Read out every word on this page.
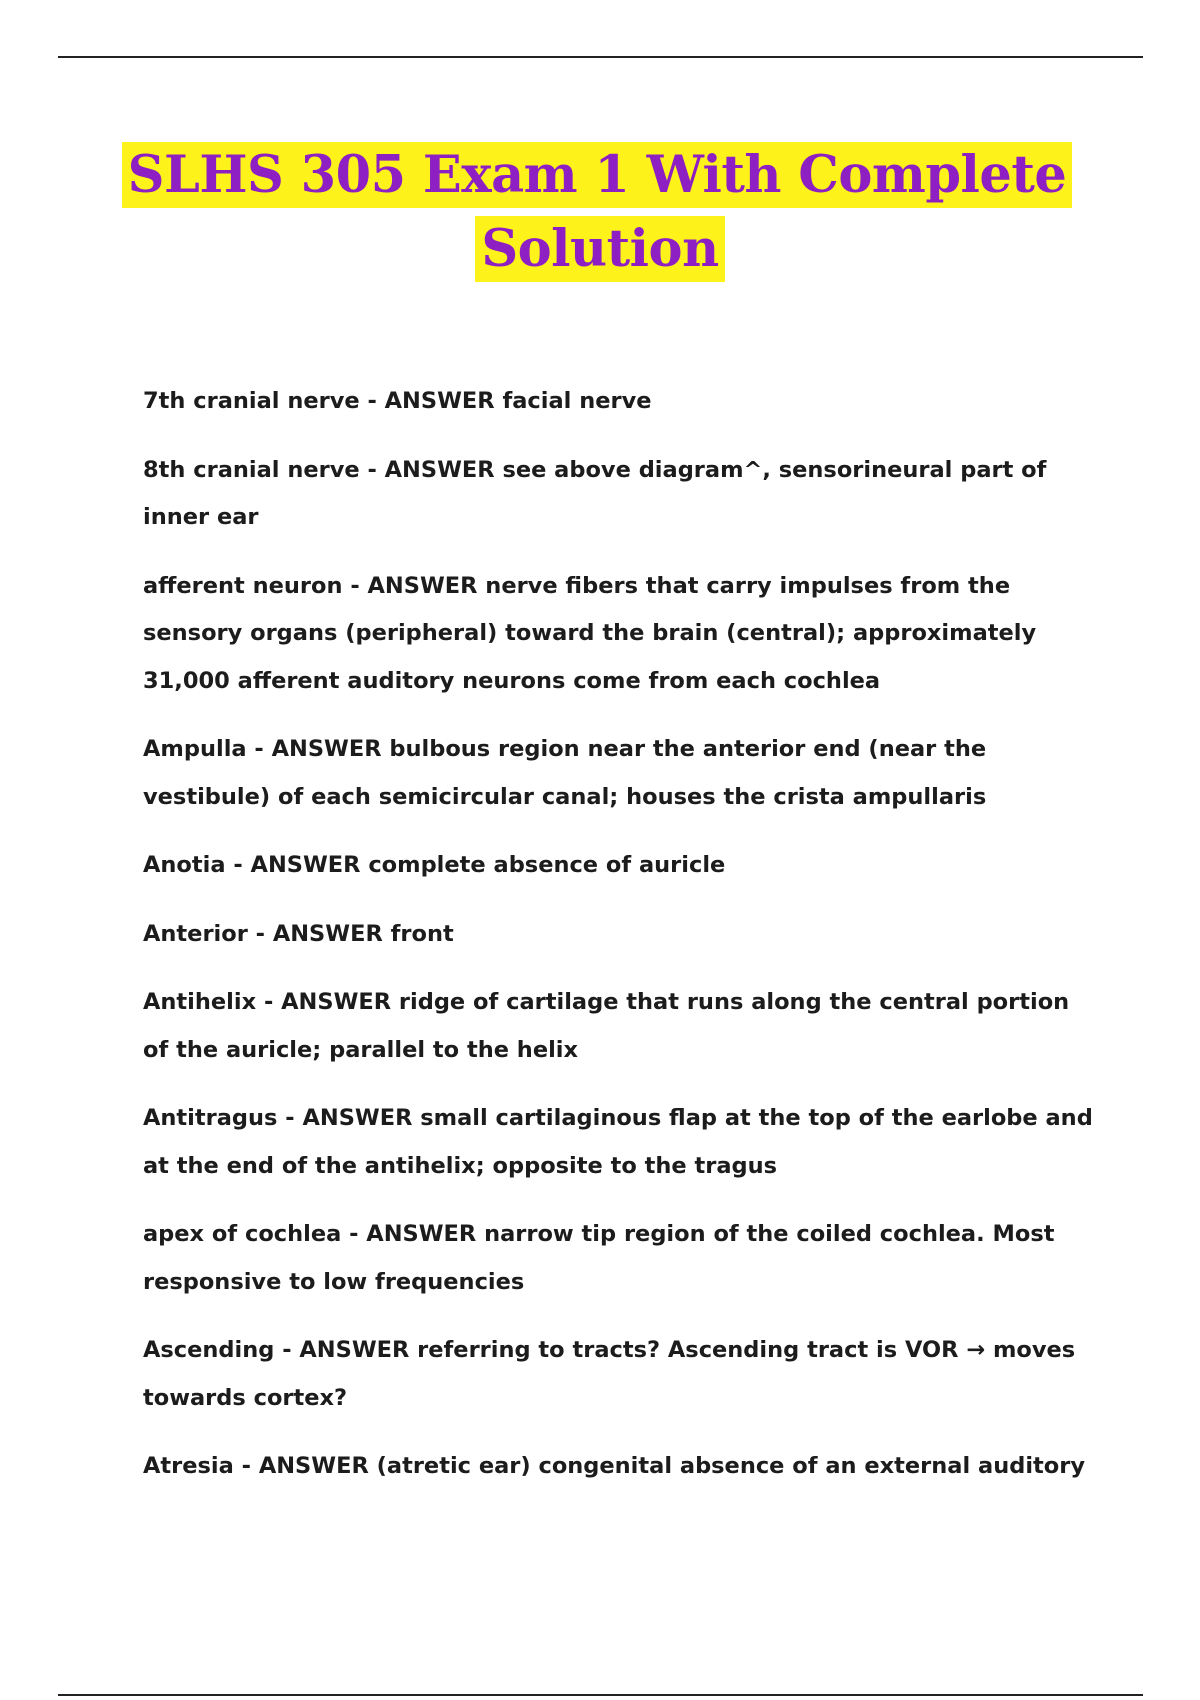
SLHS 305 Exam 1 With Complete Solution

7th cranial nerve - ANSWER facial nerve

8th cranial nerve - ANSWER see above diagram^, sensorineural part of inner ear

afferent neuron - ANSWER nerve fibers that carry impulses from the sensory organs (peripheral) toward the brain (central); approximately 31,000 afferent auditory neurons come from each cochlea

Ampulla - ANSWER bulbous region near the anterior end (near the vestibule) of each semicircular canal; houses the crista ampullaris

Anotia - ANSWER complete absence of auricle

Anterior - ANSWER front

Antihelix - ANSWER ridge of cartilage that runs along the central portion of the auricle; parallel to the helix

Antitragus - ANSWER small cartilaginous flap at the top of the earlobe and at the end of the antihelix; opposite to the tragus

apex of cochlea - ANSWER narrow tip region of the coiled cochlea. Most responsive to low frequencies

Ascending - ANSWER referring to tracts? Ascending tract is VOR → moves towards cortex?

Atresia - ANSWER (atretic ear) congenital absence of an external auditory
